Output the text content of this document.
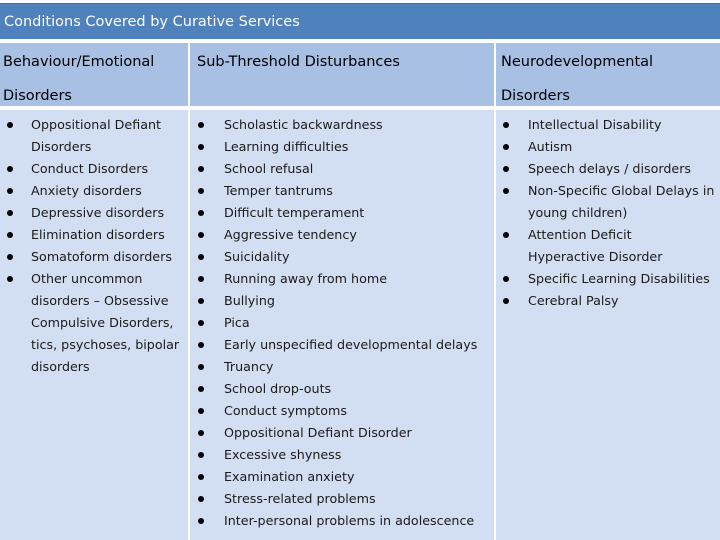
Conditions Covered by Curative Services
Behaviour/Emotional
Disorders
Sub-Threshold Disturbances	Neurodevelopmental
Disorders
Oppositional Defiant
Disorders
Conduct Disorders
Anxiety disorders
Depressive disorders
Elimination disorders
Somatoform disorders
Other uncommon
disorders – Obsessive
Compulsive Disorders,
tics, psychoses, bipolar
disorders
Scholastic backwardness
Learning difficulties
School refusal
Temper tantrums
Difficult temperament
Aggressive tendency
Suicidality
Running away from home
Bullying
Pica
Early unspecified developmental delays
Truancy
School drop-outs
Conduct symptoms
Oppositional Defiant Disorder
Excessive shyness
Examination anxiety
Stress-related problems
Inter-personal problems in adolescence
Intellectual Disability
Autism
Speech delays / disorders
Non-Specific Global Delays in
young children)
Attention Deficit
Hyperactive Disorder
Specific Learning Disabilities
Cerebral Palsy
